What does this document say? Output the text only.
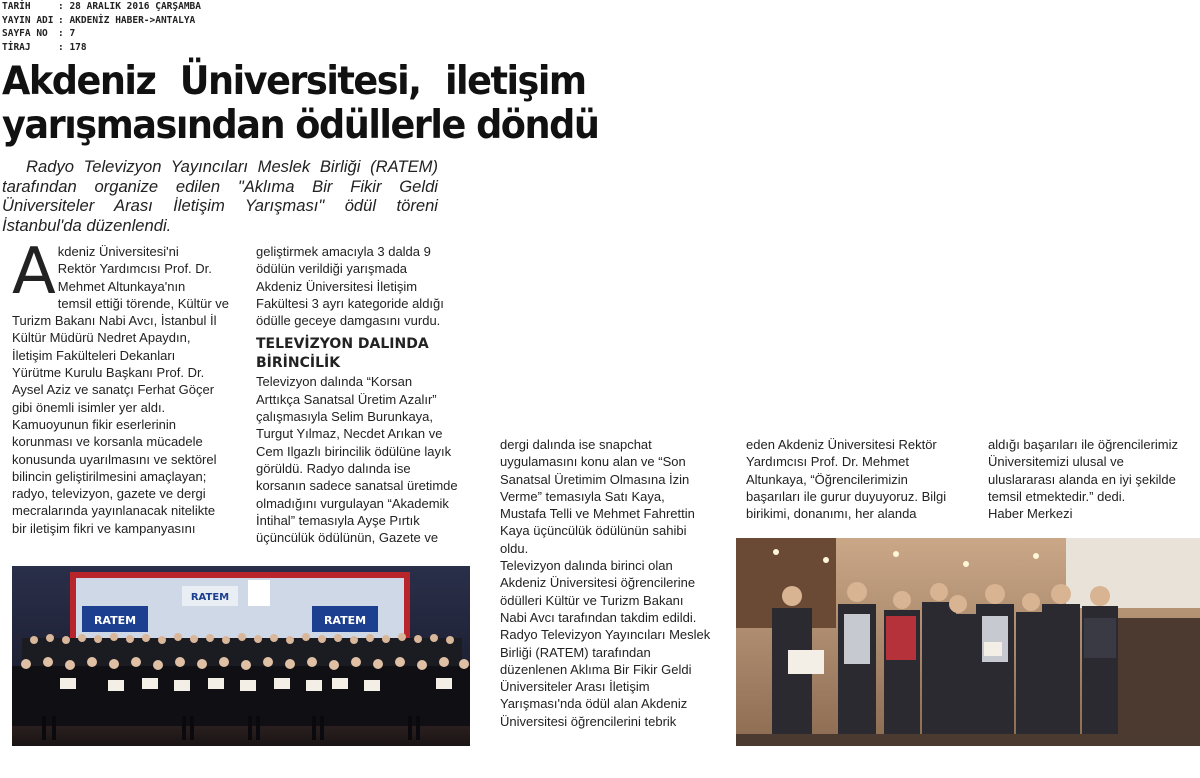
TARİH	: 28 ARALIK 2016 ÇARŞAMBA
YAYIN ADI : AKDENİZ HABER->ANTALYA
SAYFA NO	: 7
TİRAJ	: 178
Akdeniz Üniversitesi, iletişim
yarışmasından ödüllerle döndü
Radyo Televizyon Yayıncıları Meslek Birliği (RATEM) tarafından organize edilen "Aklıma Bir Fikir Geldi Üniversiteler Arası İletişim Yarışması" ödül töreni İstanbul'da düzenlendi.
A kdeniz Üniversitesi'ni
Rektör Yardımcısı Prof. Dr.
Mehmet Altunkaya'nın
temsil ettiği törende, Kültür ve
Turizm Bakanı Nabi Avcı, İstanbul İl
Kültür Müdürü Nedret Apaydın,
İletişim Fakülteleri Dekanları
Yürütme Kurulu Başkanı Prof. Dr.
Aysel Aziz ve sanatçı Ferhat Göçer
gibi önemli isimler yer aldı.
Kamuoyunun fikir eserlerinin
korunması ve korsanla mücadele
konusunda uyarılmasını ve sektörel
bilincin geliştirilmesini amaçlayan;
radyo, televizyon, gazete ve dergi
mecralarında yayınlanacak nitelikte
bir iletişim fikri ve kampanyasını

geliştirmek amacıyla 3 dalda 9
ödülün verildiği yarışmada
Akdeniz Üniversitesi İletişim
Fakültesi 3 ayrı kategoride aldığı
ödülle geceye damgasını vurdu.

TELEVİZYON DALINDA
BİRİNCİLİK

Televizyon dalında “Korsan
Arttıkça Sanatsal Üretim Azalır”
çalışmasıyla Selim Burunkaya,
Turgut Yılmaz, Necdet Arıkan ve
Cem Ilgazlı birincilik ödülüne layık
görüldü. Radyo dalında ise
korsanın sadece sanatsal üretimde
olmadığını vurgulayan “Akademik
İntihal” temasıyla Ayşe Pırtık
üçüncülük ödülünün, Gazete ve

dergi dalında ise snapchat
uygulamasını konu alan ve “Son
Sanatsal Üretimim Olmasına İzin
Verme” temasıyla Satı Kaya,
Mustafa Telli ve Mehmet Fahrettin
Kaya üçüncülük ödülünün sahibi
oldu.
Televizyon dalında birinci olan
Akdeniz Üniversitesi öğrencilerine
ödülleri Kültür ve Turizm Bakanı
Nabi Avcı tarafından takdim edildi.
Radyo Televizyon Yayıncıları Meslek
Birliği (RATEM) tarafından
düzenlenen Aklıma Bir Fikir Geldi
Üniversiteler Arası İletişim
Yarışması'nda ödül alan Akdeniz
Üniversitesi öğrencilerini tebrik

eden Akdeniz Üniversitesi Rektör
Yardımcısı Prof. Dr. Mehmet
Altunkaya, “Öğrencilerimizin
başarıları ile gurur duyuyoruz. Bilgi
birikimi, donanımı, her alanda

aldığı başarıları ile öğrencilerimiz
Üniversitemizi ulusal ve
uluslararası alanda en iyi şekilde
temsil etmektedir.” dedi.
Haber Merkezi

RATEM
RATEM
RATEM
